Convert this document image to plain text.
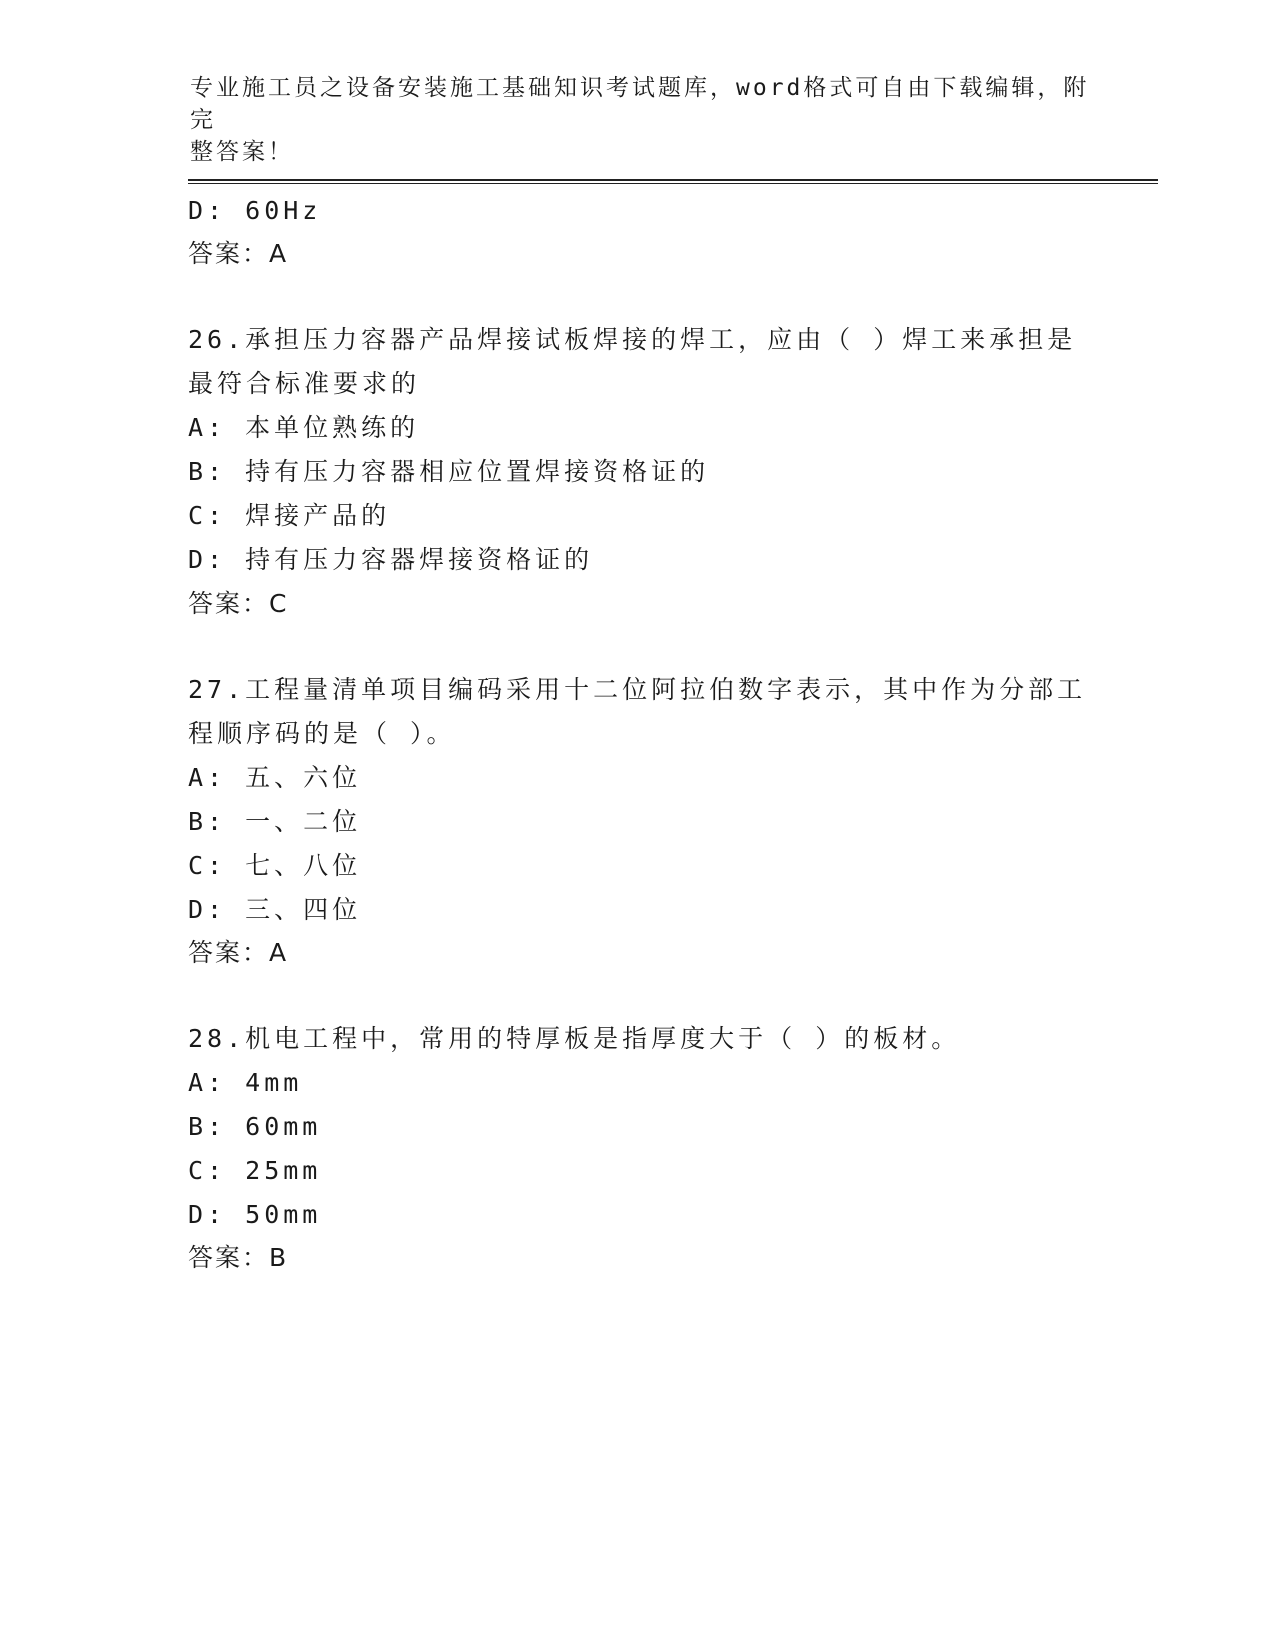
专业施工员之设备安装施工基础知识考试题库，word格式可自由下载编辑，附完
整答案！
D: 60Hz
答案：A
26.承担压力容器产品焊接试板焊接的焊工，应由（ ）焊工来承担是
最符合标准要求的
A: 本单位熟练的
B: 持有压力容器相应位置焊接资格证的
C: 焊接产品的
D: 持有压力容器焊接资格证的
答案：C
27.工程量清单项目编码采用十二位阿拉伯数字表示，其中作为分部工
程顺序码的是（ ）。
A: 五、六位
B: 一、二位
C: 七、八位
D: 三、四位
答案：A
28.机电工程中，常用的特厚板是指厚度大于（ ）的板材。
A: 4mm
B: 60mm
C: 25mm
D: 50mm
答案：B
